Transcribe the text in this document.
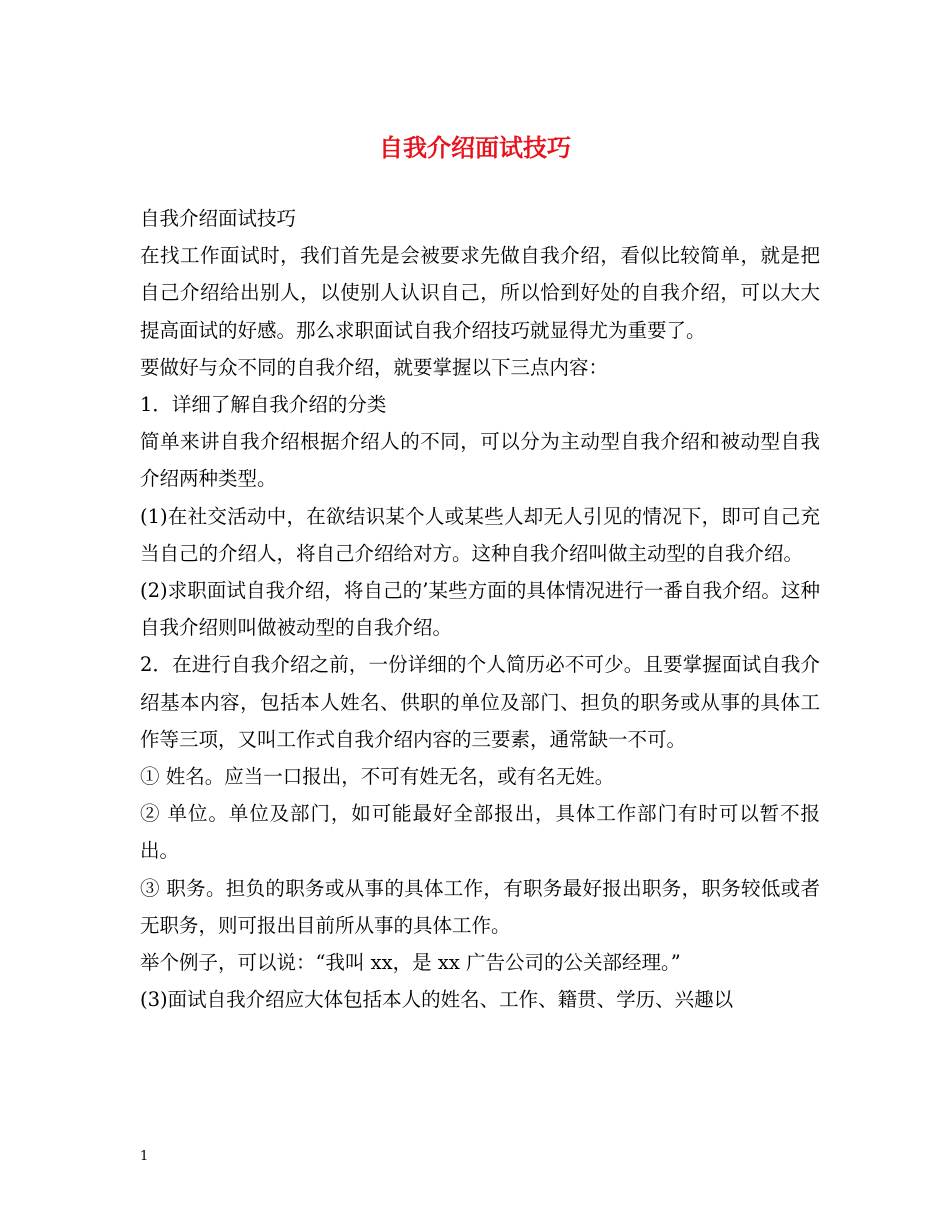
自我介绍面试技巧

自我介绍面试技巧

在找工作面试时，我们首先是会被要求先做自我介绍，看似比较简单，就是把自己介绍给出别人，以使别人认识自己，所以恰到好处的自我介绍，可以大大提高面试的好感。那么求职面试自我介绍技巧就显得尤为重要了。

要做好与众不同的自我介绍，就要掌握以下三点内容：

1．详细了解自我介绍的分类

简单来讲自我介绍根据介绍人的不同，可以分为主动型自我介绍和被动型自我介绍两种类型。

(1)在社交活动中，在欲结识某个人或某些人却无人引见的情况下，即可自己充当自己的介绍人，将自己介绍给对方。这种自我介绍叫做主动型的自我介绍。

(2)求职面试自我介绍，将自己的’某些方面的具体情况进行一番自我介绍。这种自我介绍则叫做被动型的自我介绍。

2．在进行自我介绍之前，一份详细的个人简历必不可少。且要掌握面试自我介绍基本内容，包括本人姓名、供职的单位及部门、担负的职务或从事的具体工作等三项，又叫工作式自我介绍内容的三要素，通常缺一不可。

① 姓名。应当一口报出，不可有姓无名，或有名无姓。

② 单位。单位及部门，如可能最好全部报出，具体工作部门有时可以暂不报出。

③ 职务。担负的职务或从事的具体工作，有职务最好报出职务，职务较低或者无职务，则可报出目前所从事的具体工作。

举个例子，可以说：“我叫 xx，是 xx 广告公司的公关部经理。”

(3)面试自我介绍应大体包括本人的姓名、工作、籍贯、学历、兴趣以

1
